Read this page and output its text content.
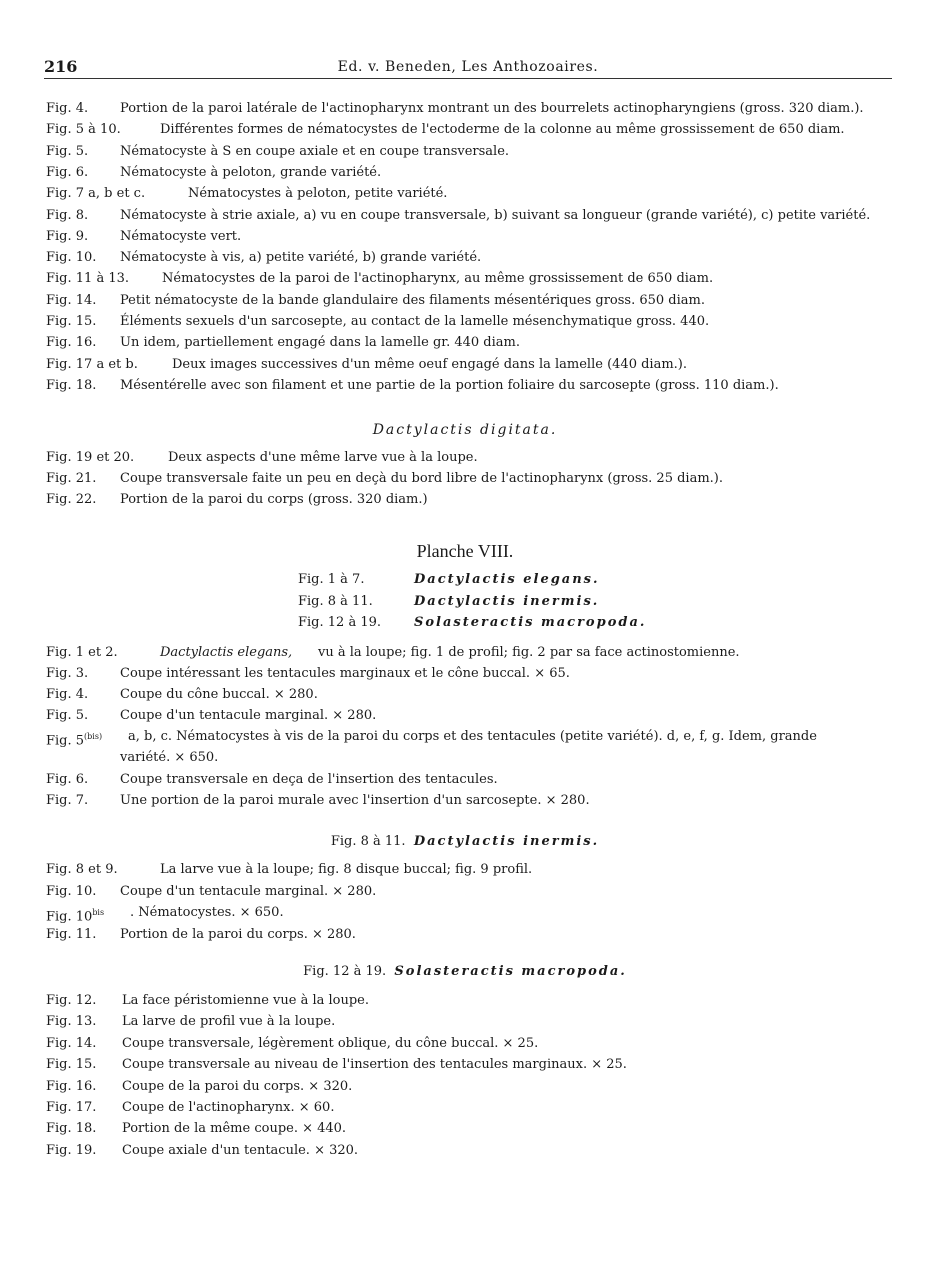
216	Ed. v. Beneden, Les Anthozoaires.
Fig. 4. Portion de la paroi latérale de l'actinopharynx montrant un des bourrelets actinopharyngiens (gross. 320 diam.).
Fig. 5 à 10.	Différentes formes de nématocystes de l'ectoderme de la colonne au même grossissement de 650 diam.
Fig. 5. Nématocyste à S en coupe axiale et en coupe transversale.
Fig. 6. Nématocyste à peloton, grande variété.
Fig. 7 a, b et c.	Nématocystes à peloton, petite variété.
Fig. 8. Nématocyste à strie axiale, a) vu en coupe transversale, b) suivant sa longueur (grande variété), c) petite variété.
Fig. 9. Nématocyste vert.
Fig. 10. Nématocyste à vis, a) petite variété, b) grande variété.
Fig. 11 à 13.	Nématocystes de la paroi de l'actinopharynx, au même grossissement de 650 diam.
Fig. 14. Petit nématocyste de la bande glandulaire des filaments mésentériques gross. 650 diam.
Fig. 15. Éléments sexuels d'un sarcosepte, au contact de la lamelle mésenchymatique gross. 440.
Fig. 16. Un idem, partiellement engagé dans la lamelle gr. 440 diam.
Fig. 17 a et b.	Deux images successives d'un même oeuf engagé dans la lamelle (440 diam.).
Fig. 18. Mésentérelle avec son filament et une partie de la portion foliaire du sarcosepte (gross. 110 diam.).
Dactylactis digitata.
Fig. 19 et 20.	Deux aspects d'une même larve vue à la loupe.
Fig. 21. Coupe transversale faite un peu en deçà du bord libre de l'actinopharynx (gross. 25 diam.).
Fig. 22. Portion de la paroi du corps (gross. 320 diam.)
Planche VIII.
Fig. 1 à 7.	Dactylactis elegans.
Fig. 8 à 11.	Dactylactis inermis.
Fig. 12 à 19.	Solasteractis macropoda.
Fig. 1 et 2.	Dactylactis elegans, vu à la loupe; fig. 1 de profil; fig. 2 par sa face actinostomienne.
Fig. 3. Coupe intéressant les tentacules marginaux et le cône buccal. × 65.
Fig. 4. Coupe du cône buccal. × 280.
Fig. 5. Coupe d'un tentacule marginal. × 280.
Fig. $5^{(bis)}$ a, b, c. Nématocystes à vis de la paroi du corps et des tentacules (petite variété). d, e, f, g. Idem, grande
variété. × 650.
Fig. 6. Coupe transversale en deça de l'insertion des tentacules.
Fig. 7. Une portion de la paroi murale avec l'insertion d'un sarcosepte. × 280.
Fig. 8 à 11. Dactylactis inermis.
Fig. 8 et 9.	La larve vue à la loupe; fig. 8 disque buccal; fig. 9 profil.
Fig. 10. Coupe d'un tentacule marginal. × 280.
Fig. $10^{bis}$ . Nématocystes. × 650.
Fig. 11. Portion de la paroi du corps. × 280.
Fig. 12 à 19. Solasteractis macropoda.
Fig. 12. La face péristomienne vue à la loupe.
Fig. 13. La larve de profil vue à la loupe.
Fig. 14. Coupe transversale, légèrement oblique, du cône buccal. × 25.
Fig. 15. Coupe transversale au niveau de l'insertion des tentacules marginaux. × 25.
Fig. 16. Coupe de la paroi du corps. × 320.
Fig. 17. Coupe de l'actinopharynx. × 60.
Fig. 18. Portion de la même coupe. × 440.
Fig. 19. Coupe axiale d'un tentacule. × 320.
